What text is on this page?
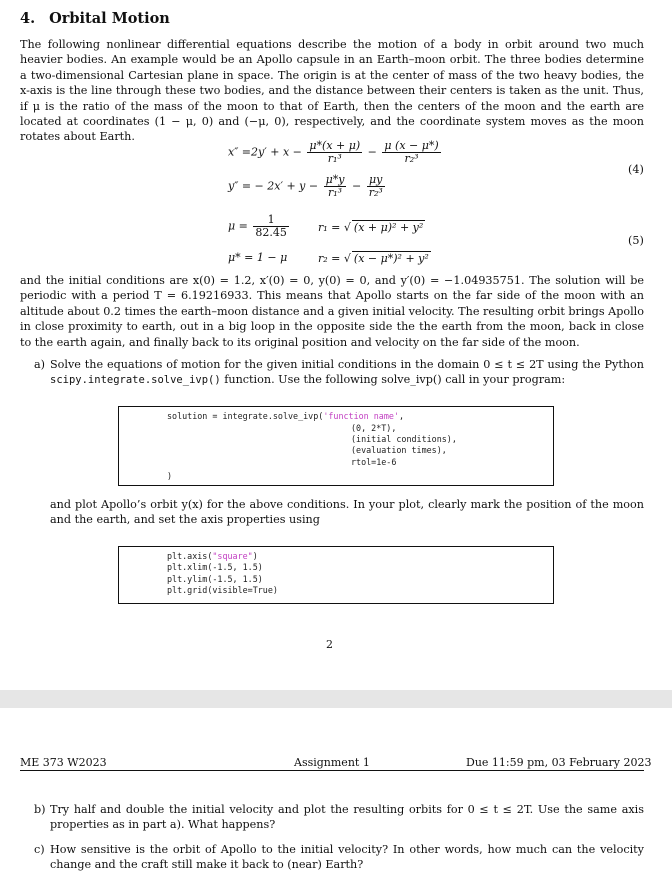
4. Orbital Motion
The following nonlinear differential equations describe the motion of a body in orbit around two much heavier bodies. An example would be an Apollo capsule in an Earth–moon orbit. The three bodies determine a two-dimensional Cartesian plane in space. The origin is at the center of mass of the two heavy bodies, the x-axis is the line through these two bodies, and the distance between their centers is taken as the unit. Thus, if μ is the ratio of the mass of the moon to that of Earth, then the centers of the moon and the earth are located at coordinates (1 − μ, 0) and (−μ, 0), respectively, and the coordinate system moves as the moon rotates about Earth.
$x'' =2y' + x - \frac{\mu*(x + \mu)}{\text{r₁³}} - \frac{\mu (x - \mu*)}{\text{r₂³}}$
y″ = − $2x' + y - \frac{\mu*y}{\text{r₁³}} - \frac{\mu y}{\text{r₂³}}$
(4)
$\mu = \frac{1}{82.45}$	r₁ = √ (x + μ)² + y²
μ* = 1 − μ	r₂ = √ (x − μ*)² + y²
(5)
and the initial conditions are x(0) = 1.2, x′(0) = 0, y(0) = 0, and y′(0) = −1.04935751. The solution will be periodic with a period T = 6.19216933. This means that Apollo starts on the far side of the moon with an altitude about 0.2 times the earth–moon distance and a given initial velocity. The resulting orbit brings Apollo in close proximity to earth, out in a big loop in the opposite side the the earth from the moon, back in close to the earth again, and finally back to its original position and velocity on the far side of the moon.
a) Solve the equations of motion for the given initial conditions in the domain 0 ≤ t ≤ 2T using the Python scipy.integrate.solve_ivp() function. Use the following solve_ivp() call in your program:
solution = integrate.solve_ivp('function name',
(0, 2*T),
(initial conditions),
(evaluation times),
rtol=1e-6
)
and plot Apollo’s orbit y(x) for the above conditions. In your plot, clearly mark the position of the moon and the earth, and set the axis properties using
plt.axis("square")
plt.xlim(-1.5, 1.5)
plt.ylim(-1.5, 1.5)
plt.grid(visible=True)
2
ME 373 W2023	Assignment 1	Due 11:59 pm, 03 February 2023
b) Try half and double the initial velocity and plot the resulting orbits for 0 ≤ t ≤ 2T. Use the same axis properties as in part a). What happens?
c) How sensitive is the orbit of Apollo to the initial velocity? In other words, how much can the velocity change and the craft still make it back to (near) Earth?
